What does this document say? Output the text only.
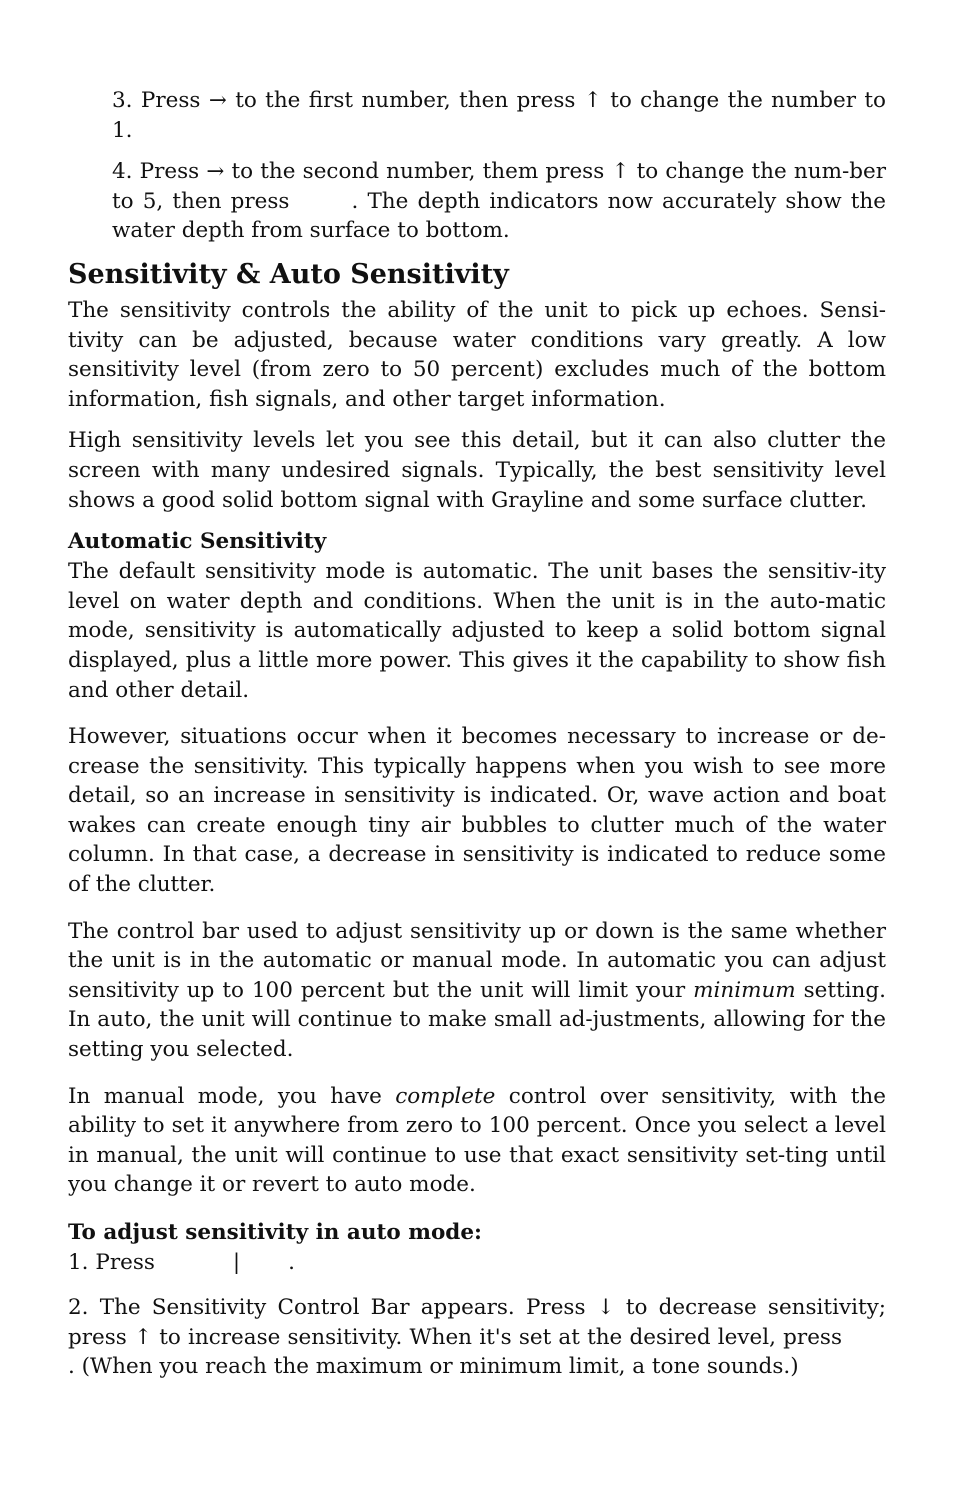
3. Press → to the first number, then press ↑ to change the number to 1.

4. Press → to the second number, them press ↑ to change the num-ber to 5, then press	. The depth indicators now accurately show the water depth from surface to bottom.

Sensitivity & Auto Sensitivity

The sensitivity controls the ability of the unit to pick up echoes. Sensi-tivity can be adjusted, because water conditions vary greatly. A low sensitivity level (from zero to 50 percent) excludes much of the bottom information, fish signals, and other target information.

High sensitivity levels let you see this detail, but it can also clutter the screen with many undesired signals. Typically, the best sensitivity level shows a good solid bottom signal with Grayline and some surface clutter.

Automatic Sensitivity

The default sensitivity mode is automatic. The unit bases the sensitiv-ity level on water depth and conditions. When the unit is in the auto-matic mode, sensitivity is automatically adjusted to keep a solid bottom signal displayed, plus a little more power. This gives it the capability to show fish and other detail.

However, situations occur when it becomes necessary to increase or de-crease the sensitivity. This typically happens when you wish to see more detail, so an increase in sensitivity is indicated. Or, wave action and boat wakes can create enough tiny air bubbles to clutter much of the water column. In that case, a decrease in sensitivity is indicated to reduce some of the clutter.

The control bar used to adjust sensitivity up or down is the same whether the unit is in the automatic or manual mode. In automatic you can adjust sensitivity up to 100 percent but the unit will limit your minimum setting. In auto, the unit will continue to make small ad-justments, allowing for the setting you selected.

In manual mode, you have complete control over sensitivity, with the ability to set it anywhere from zero to 100 percent. Once you select a level in manual, the unit will continue to use that exact sensitivity set-ting until you change it or revert to auto mode.

To adjust sensitivity in auto mode:

1. Press	| .

2. The Sensitivity Control Bar appears. Press ↓ to decrease sensitivity; press ↑ to increase sensitivity. When it's set at the desired level, press. (When you reach the maximum or minimum limit, a tone sounds.)
